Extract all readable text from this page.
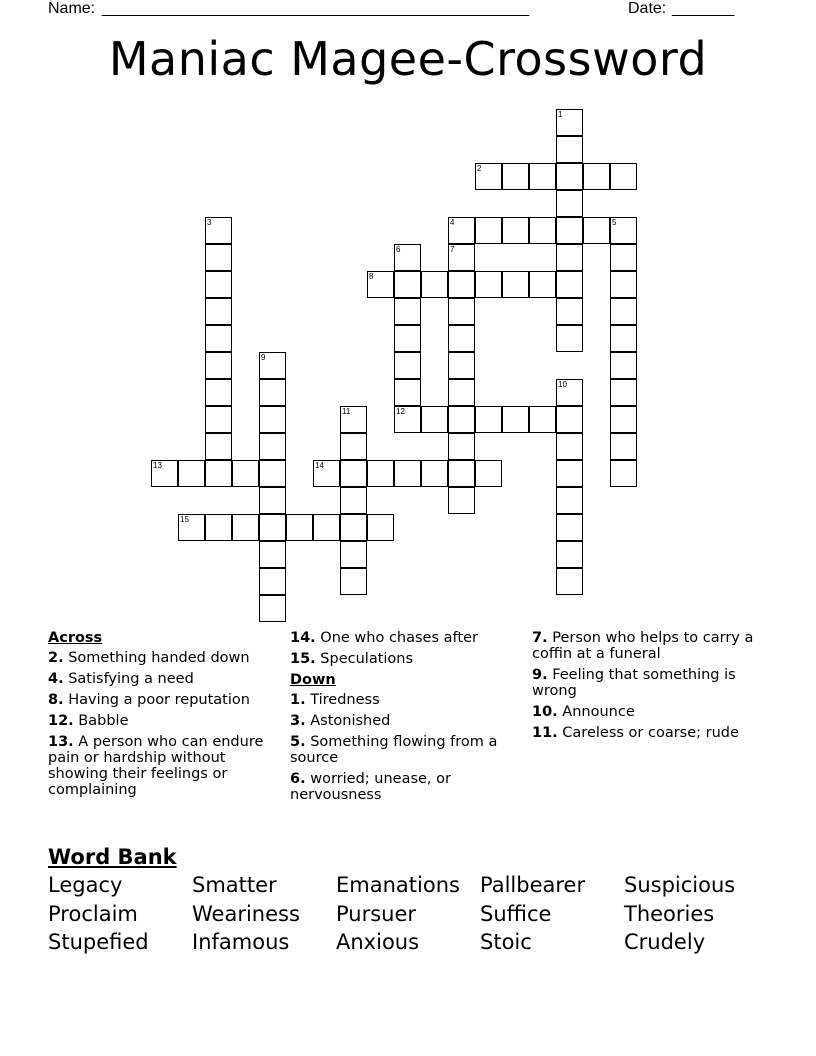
Name: ________________________________________________	Date: _______
Maniac Magee-Crossword
2
4	5
8
12
13	14
15
1
3
6	7
9
10
11
Across
2. Something handed down
4. Satisfying a need
8. Having a poor reputation
12. Babble
13. A person who can endure pain or hardship without showing their feelings or complaining
14. One who chases after
15. Speculations
Down
1. Tiredness
3. Astonished
5. Something flowing from a source
6. worried; unease, or nervousness
7. Person who helps to carry a coffin at a funeral
9. Feeling that something is wrong
10. Announce
11. Careless or coarse; rude
Word Bank
Legacy	Smatter	Emanations Pallbearer Suspicious
Proclaim	Weariness Pursuer	Suffice	Theories
Stupefied Infamous Anxious	Stoic	Crudely
